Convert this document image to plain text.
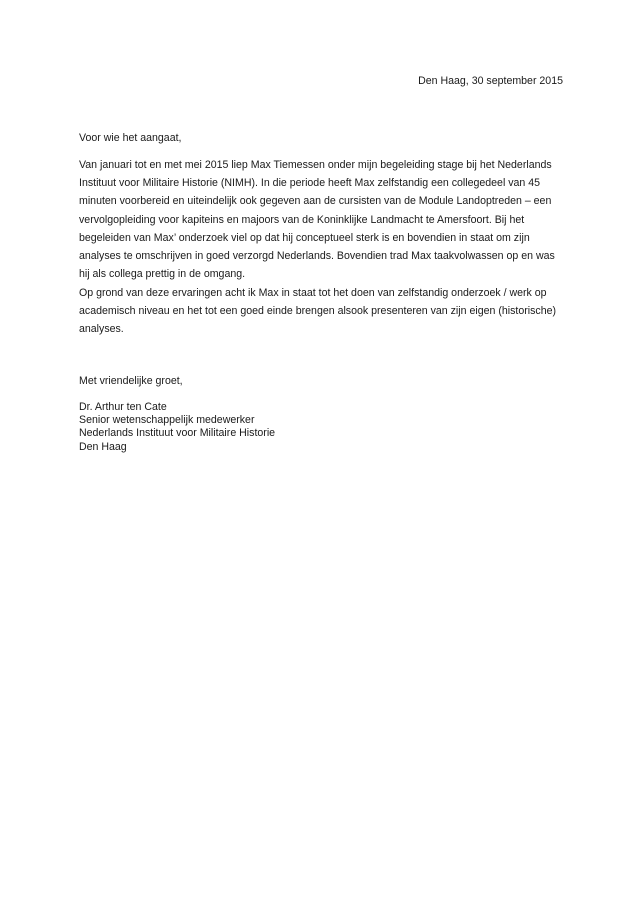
Den Haag, 30 september 2015
Voor wie het aangaat,

Van januari tot en met mei 2015 liep Max Tiemessen onder mijn begeleiding stage bij het Nederlands Instituut voor Militaire Historie (NIMH). In die periode heeft Max zelfstandig een collegedeel van 45 minuten voorbereid en uiteindelijk ook gegeven aan de cursisten van de Module Landoptreden – een vervolgopleiding voor kapiteins en majoors van de Koninklijke Landmacht te Amersfoort. Bij het begeleiden van Max’ onderzoek viel op dat hij conceptueel sterk is en bovendien in staat om zijn analyses te omschrijven in goed verzorgd Nederlands. Bovendien trad Max taakvolwassen op en was hij als collega prettig in de omgang.

Op grond van deze ervaringen acht ik Max in staat tot het doen van zelfstandig onderzoek / werk op academisch niveau en het tot een goed einde brengen alsook presenteren van zijn eigen (historische) analyses.

Met vriendelijke groet,
Dr. Arthur ten Cate
Senior wetenschappelijk medewerker
Nederlands Instituut voor Militaire Historie
Den Haag
